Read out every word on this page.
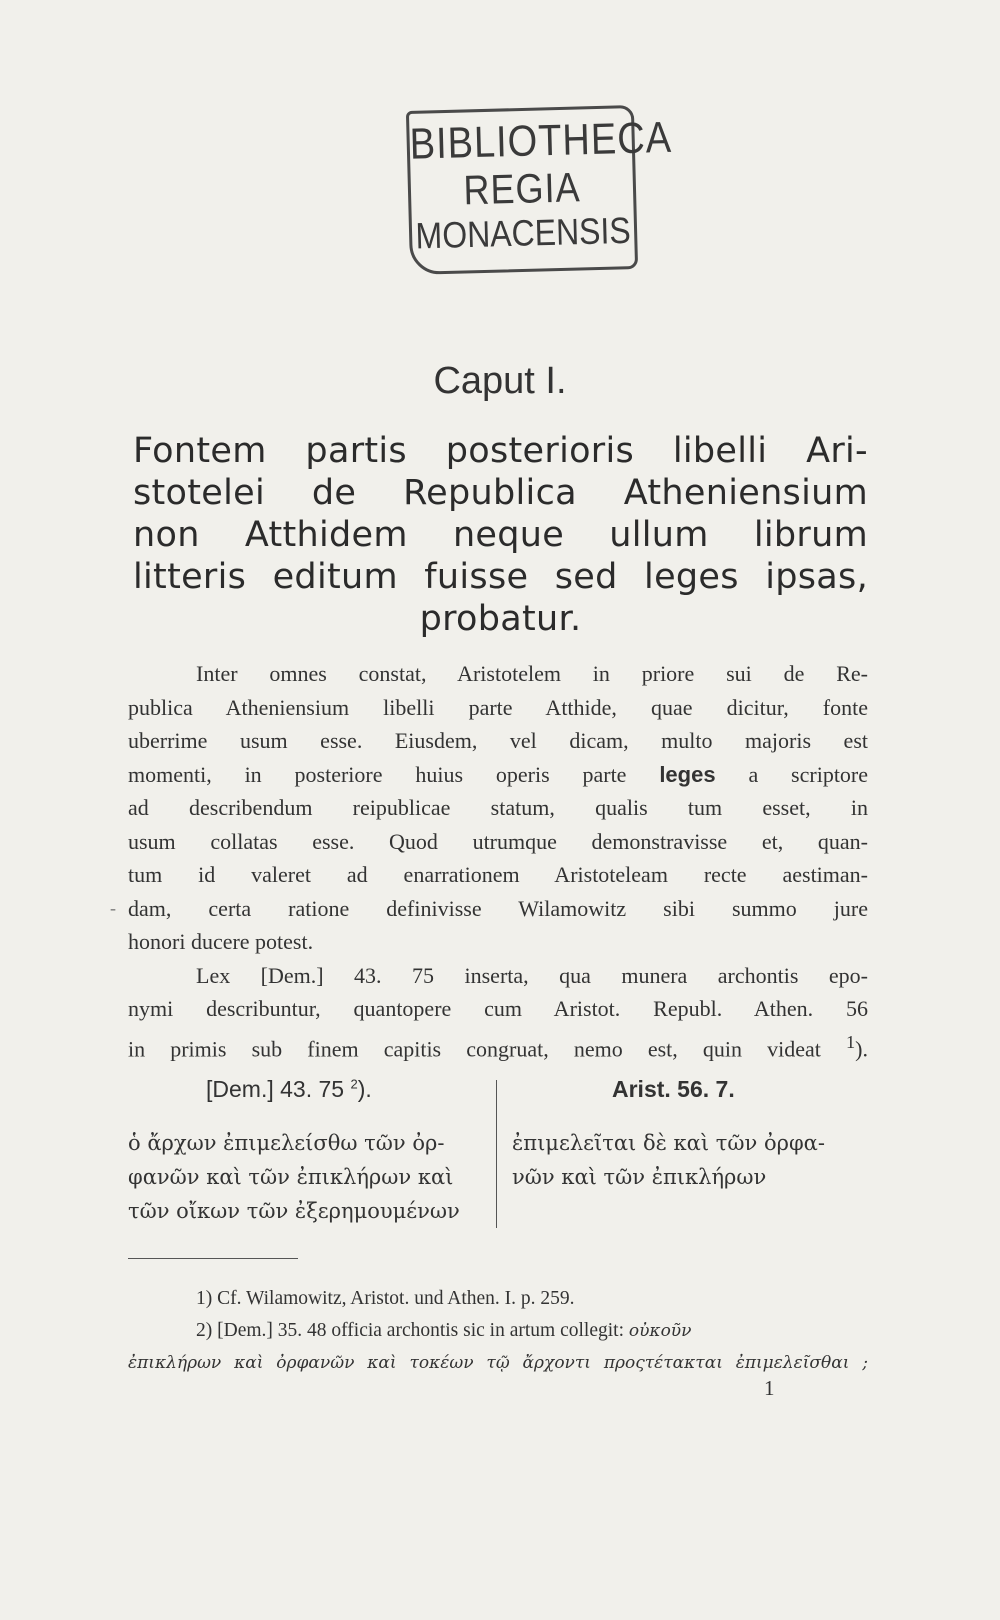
BIBLIOTHECA
REGIA
MONACENSIS
Caput I.
Fontem partis posterioris libelli Ari-
stotelei de Republica Atheniensium
non Atthidem neque ullum librum
litteris editum fuisse sed leges ipsas,
probatur.
-
Inter omnes constat, Aristotelem in priore sui de Re-
publica Atheniensium libelli parte Atthide, quae dicitur, fonte
uberrime usum esse. Eiusdem, vel dicam, multo majoris est
momenti, in posteriore huius operis parte leges a scriptore
ad describendum reipublicae statum, qualis tum esset, in
usum collatas esse. Quod utrumque demonstravisse et, quan-
tum id valeret ad enarrationem Aristoteleam recte aestiman-
dam, certa ratione definivisse Wilamowitz sibi summo jure
honori ducere potest.
Lex [Dem.] 43. 75 inserta, qua munera archontis epo-
nymi describuntur, quantopere cum Aristot. Republ. Athen. 56
in primis sub finem capitis congruat, nemo est, quin videat $^1$).
[Dem.] 43. 75 $^2$).	Arist. 56. 7.
ὁ ἄρχων ἐπιμελείσθω τῶν ὀρ-
φανῶν καὶ τῶν ἐπικλήρων καὶ
τῶν οἴκων τῶν ἐξερημουμένων
ἐπιμελεῖται δὲ καὶ τῶν ὀρφα-
νῶν καὶ τῶν ἐπικλήρων
1) Cf. Wilamowitz, Aristot. und Athen. I. p. 259.
2) [Dem.] 35. 48 officia archontis sic in artum collegit: οὐκοῦν
ἐπικλήρων καὶ ὀρφανῶν καὶ τοκέων τῷ ἄρχοντι προςτέτακται ἐπιμελεῖσθαι ;
1
